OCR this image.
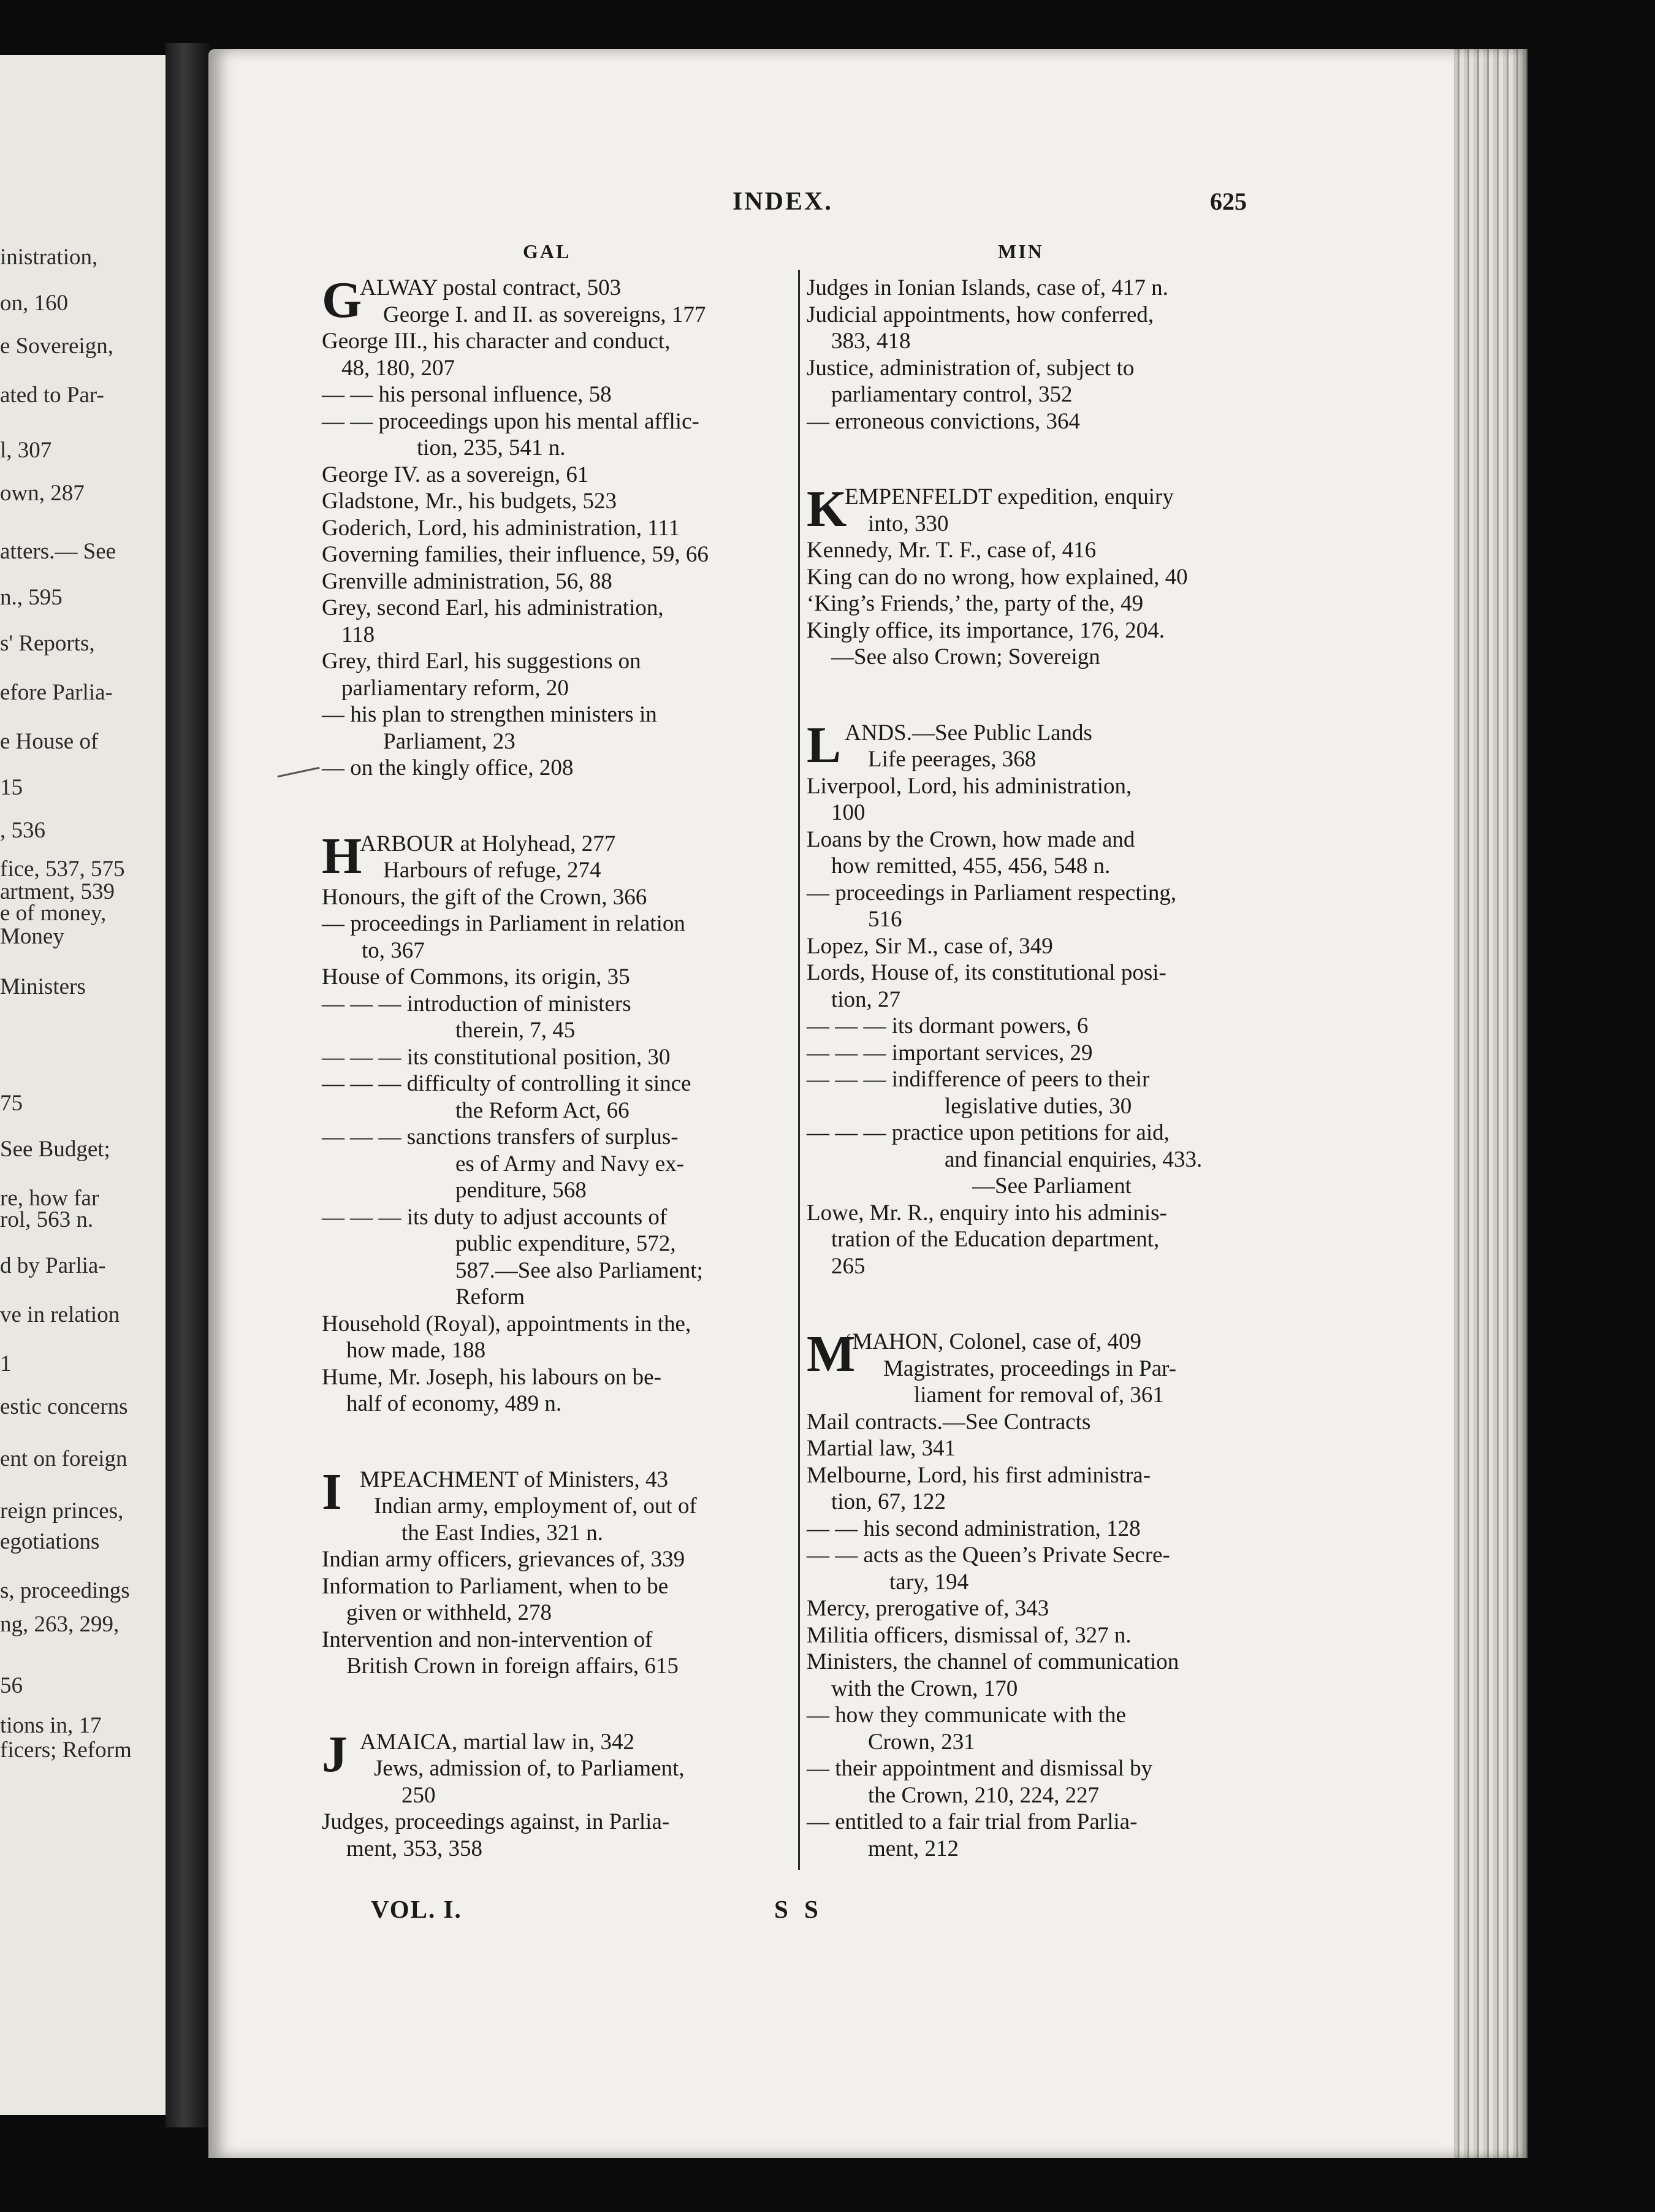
inistration,
on, 160
e Sovereign,
ated to Par-
l, 307
own, 287
atters.— See
n., 595
s' Reports,
efore Parlia-
e House of
15
, 536
fice, 537, 575
artment, 539
e of money,
Money
Ministers
75
See Budget;
re, how far
rol, 563 n.
d by Parlia-
ve in relation
1
estic concerns
ent on foreign
reign princes,
egotiations
s, proceedings
ng, 263, 299,
56
tions in, 17
ficers; Reform
INDEX.	625
GAL	MIN
G
ALWAY postal contract, 503
George I. and II. as sovereigns, 177
George III., his character and conduct,
48, 180, 207
— — his personal influence, 58
— — proceedings upon his mental afflic-
tion, 235, 541 n.
George IV. as a sovereign, 61
Gladstone, Mr., his budgets, 523
Goderich, Lord, his administration, 111
Governing families, their influence, 59, 66
Grenville administration, 56, 88
Grey, second Earl, his administration,
118
Grey, third Earl, his suggestions on
parliamentary reform, 20
— his plan to strengthen ministers in
Parliament, 23
— on the kingly office, 208
H
ARBOUR at Holyhead, 277
Harbours of refuge, 274
Honours, the gift of the Crown, 366
— proceedings in Parliament in relation
to, 367
House of Commons, its origin, 35
— — — introduction of ministers
therein, 7, 45
— — — its constitutional position, 30
— — — difficulty of controlling it since
the Reform Act, 66
— — — sanctions transfers of surplus-
es of Army and Navy ex-
penditure, 568
— — — its duty to adjust accounts of
public expenditure, 572,
587.—See also Parliament;
Reform
Household (Royal), appointments in the,
how made, 188
Hume, Mr. Joseph, his labours on be-
half of economy, 489 n.
I MPEACHMENT of Ministers, 43
Indian army, employment of, out of
the East Indies, 321 n.
Indian army officers, grievances of, 339
Information to Parliament, when to be
given or withheld, 278
Intervention and non-intervention of
British Crown in foreign affairs, 615
J AMAICA, martial law in, 342
Jews, admission of, to Parliament,
250
Judges, proceedings against, in Parlia-
ment, 353, 358
Judges in Ionian Islands, case of, 417 n.
Judicial appointments, how conferred,
383, 418
Justice, administration of, subject to
parliamentary control, 352
— erroneous convictions, 364
K
EMPENFELDT expedition, enquiry
into, 330
Kennedy, Mr. T. F., case of, 416
King can do no wrong, how explained, 40
‘King’s Friends,’ the, party of the, 49
Kingly office, its importance, 176, 204.
—See also Crown; Sovereign
L ANDS.—See Public Lands
Life peerages, 368
Liverpool, Lord, his administration,
100
Loans by the Crown, how made and
how remitted, 455, 456, 548 n.
— proceedings in Parliament respecting,
516
Lopez, Sir M., case of, 349
Lords, House of, its constitutional posi-
tion, 27
— — — its dormant powers, 6
— — — important services, 29
— — — indifference of peers to their
legislative duties, 30
— — — practice upon petitions for aid,
and financial enquiries, 433.
—See Parliament
Lowe, Mr. R., enquiry into his adminis-
tration of the Education department,
265
M
‘MAHON, Colonel, case of, 409
Magistrates, proceedings in Par-
liament for removal of, 361
Mail contracts.—See Contracts
Martial law, 341
Melbourne, Lord, his first administra-
tion, 67, 122
— — his second administration, 128
— — acts as the Queen’s Private Secre-
tary, 194
Mercy, prerogative of, 343
Militia officers, dismissal of, 327 n.
Ministers, the channel of communication
with the Crown, 170
— how they communicate with the
Crown, 231
— their appointment and dismissal by
the Crown, 210, 224, 227
— entitled to a fair trial from Parlia-
ment, 212
VOL. I.	S S
